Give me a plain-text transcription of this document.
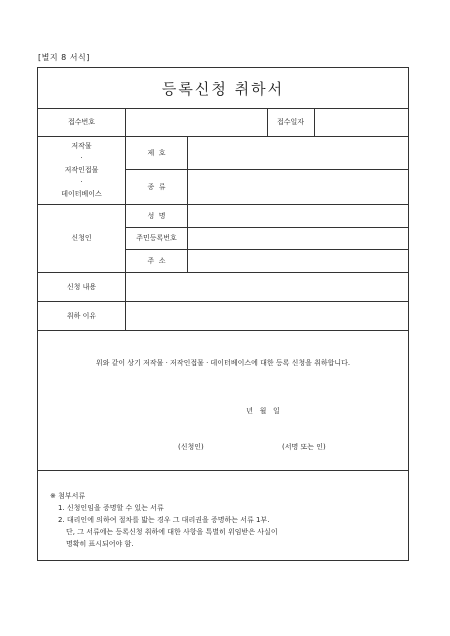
[별지 8 서식]
등록신청 취하서
접수번호	접수일자
저작물
·
저작인접물
·
데이터베이스
제  호
종  류
신청인
성  명
주민등록번호
주  소
신청 내용
취하 이유
위와 같이 상기 저작물 · 저작인접물 · 데이터베이스에 대한 등록 신청을 취하합니다.
년   월   일
(신청인)	(서명 또는 인)
※ 첨부서류
1. 신청인임을 증명할 수 있는 서류
2. 대리인에 의하여 절차를 밟는 경우 그 대리권을 증명하는 서류 1부.
단, 그 서류에는 등록신청 취하에 대한 사항을 특별히 위임받은 사실이
명확히 표시되어야 함.
